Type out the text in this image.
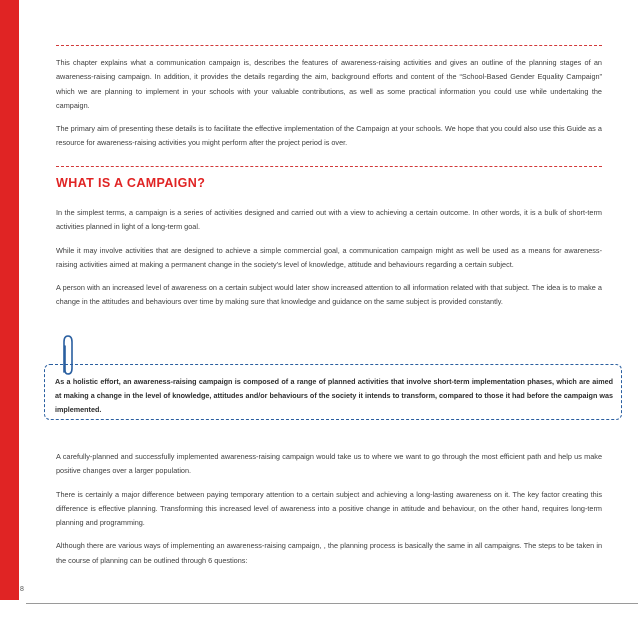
This chapter explains what a communication campaign is, describes the features of awareness-raising activities and gives an outline of the planning stages of an awareness-raising campaign. In addition, it provides the details regarding the aim, background efforts and content of the “School-Based Gender Equality Campaign” which we are planning to implement in your schools with your valuable contributions, as well as some practical information you could use while undertaking the campaign.

The primary aim of presenting these details is to facilitate the effective implementation of the Campaign at your schools. We hope that you could also use this Guide as a resource for awareness-raising activities you might perform after the project period is over.

WHAT IS A CAMPAIGN?

In the simplest terms, a campaign is a series of activities designed and carried out with a view to achieving a certain outcome. In other words, it is a bulk of short-term activities planned in light of a long-term goal.

While it may involve activities that are designed to achieve a simple commercial goal, a communication campaign might as well be used as a means for awareness-raising activities aimed at making a permanent change in the society’s level of knowledge, attitude and behaviours regarding a certain subject.

A person with an increased level of awareness on a certain subject would later show increased attention to all information related with that subject. The idea is to make a change in the attitudes and behaviours over time by making sure that knowledge and guidance on the same subject is provided constantly.

As a holistic effort, an awareness-raising campaign is composed of a range of planned activities that involve short-term implementation phases, which are aimed at making a change in the level of knowledge, attitudes and/or behaviours of the society it intends to transform, compared to those it had before the campaign was implemented.

A carefully-planned and successfully implemented awareness-raising campaign would take us to where we want to go through the most efficient path and help us make positive changes over a larger population.

There is certainly a major difference between paying temporary attention to a certain subject and achieving a long-lasting awareness on it. The key factor creating this difference is effective planning. Transforming this increased level of awareness into a positive change in attitude and behaviour, on the other hand, requires long-term planning and programming.

Although there are various ways of implementing an awareness-raising campaign, , the planning process is basically the same in all campaigns. The steps to be taken in the course of planning can be outlined through 6 questions:

8
